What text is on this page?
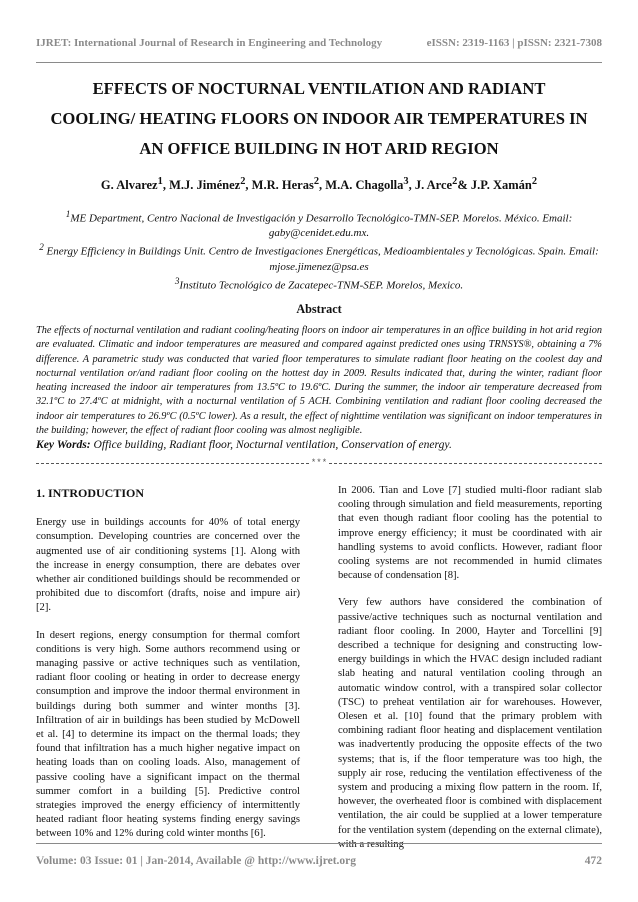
IJRET: International Journal of Research in Engineering and Technology	eISSN: 2319-1163 | pISSN: 2321-7308
EFFECTS OF NOCTURNAL VENTILATION AND RADIANT
COOLING/ HEATING FLOORS ON INDOOR AIR TEMPERATURES IN
AN OFFICE BUILDING IN HOT ARID REGION
G. Alvarez$^1$, M.J. Jiménez$^2$, M.R. Heras$^2$, M.A. Chagolla$^3$, J. Arce$^2$& J.P. Xamán$^2$
$^1$ME Department, Centro Nacional de Investigación y Desarrollo Tecnológico-TMN-SEP. Morelos. México. Email: gaby@cenidet.edu.mx.
$^2$ Energy Efficiency in Buildings Unit. Centro de Investigaciones Energéticas, Medioambientales y Tecnológicas. Spain. Email: mjose.jimenez@psa.es
$^3$Instituto Tecnológico de Zacatepec-TNM-SEP. Morelos, Mexico.
Abstract
The effects of nocturnal ventilation and radiant cooling/heating floors on indoor air temperatures in an office building in hot arid region are evaluated. Climatic and indoor temperatures are measured and compared against predicted ones using TRNSYS®, obtaining a 7% difference. A parametric study was conducted that varied floor temperatures to simulate radiant floor heating on the coolest day and nocturnal ventilation or/and radiant floor cooling on the hottest day in 2009. Results indicated that, during the winter, radiant floor heating increased the indoor air temperatures from 13.5ºC to 19.6ºC. During the summer, the indoor air temperature decreased from 32.1ºC to 27.4ºC at midnight, with a nocturnal ventilation of 5 ACH. Combining ventilation and radiant floor cooling decreased the indoor air temperatures to 26.9ºC (0.5ºC lower). As a result, the effect of nighttime ventilation was significant on indoor temperatures in the building; however, the effect of radiant floor cooling was almost negligible.
Key Words: Office building, Radiant floor, Nocturnal ventilation, Conservation of energy.
***
1. INTRODUCTION

Energy use in buildings accounts for 40% of total energy consumption. Developing countries are concerned over the augmented use of air conditioning systems [1]. Along with the increase in energy consumption, there are debates over whether air conditioned buildings should be recommended or prohibited due to discomfort (drafts, noise and impure air) [2].

In desert regions, energy consumption for thermal comfort conditions is very high. Some authors recommend using or managing passive or active techniques such as ventilation, radiant floor cooling or heating in order to decrease energy consumption and improve the indoor thermal environment in buildings during both summer and winter months [3]. Infiltration of air in buildings has been studied by McDowell et al. [4] to determine its impact on the thermal loads; they found that infiltration has a much higher negative impact on heating loads than on cooling loads. Also, management of passive cooling have a significant impact on the thermal summer comfort in a building [5]. Predictive control strategies improved the energy efficiency of intermittently heated radiant floor heating systems finding energy savings between 10% and 12% during cold winter months [6].

In 2006. Tian and Love [7] studied multi-floor radiant slab cooling through simulation and field measurements, reporting that even though radiant floor cooling has the potential to improve energy efficiency; it must be coordinated with air handling systems to avoid conflicts. However, radiant floor cooling systems are not recommended in humid climates because of condensation [8].

Very few authors have considered the combination of passive/active techniques such as nocturnal ventilation and radiant floor cooling. In 2000, Hayter and Torcellini [9] described a technique for designing and constructing low-energy buildings in which the HVAC design included radiant slab heating and natural ventilation cooling through an automatic window control, with a transpired solar collector (TSC) to preheat ventilation air for warehouses. However, Olesen et al. [10] found that the primary problem with combining radiant floor heating and displacement ventilation was inadvertently producing the opposite effects of the two systems; that is, if the floor temperature was too high, the supply air rose, reducing the ventilation effectiveness of the system and producing a mixing flow pattern in the room. If, however, the overheated floor is combined with displacement ventilation, the air could be supplied at a lower temperature for the ventilation system (depending on the external climate), with a resulting

Volume: 03 Issue: 01 | Jan-2014, Available @ http://www.ijret.org	472
